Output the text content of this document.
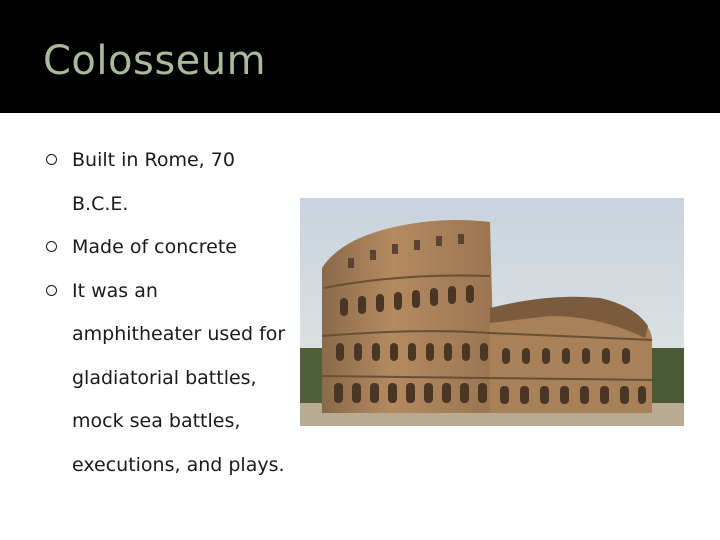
Colosseum
Built in Rome, 70 B.C.E.
Made of concrete
It was an amphitheater used for gladiatorial battles, mock sea battles, executions, and plays.
